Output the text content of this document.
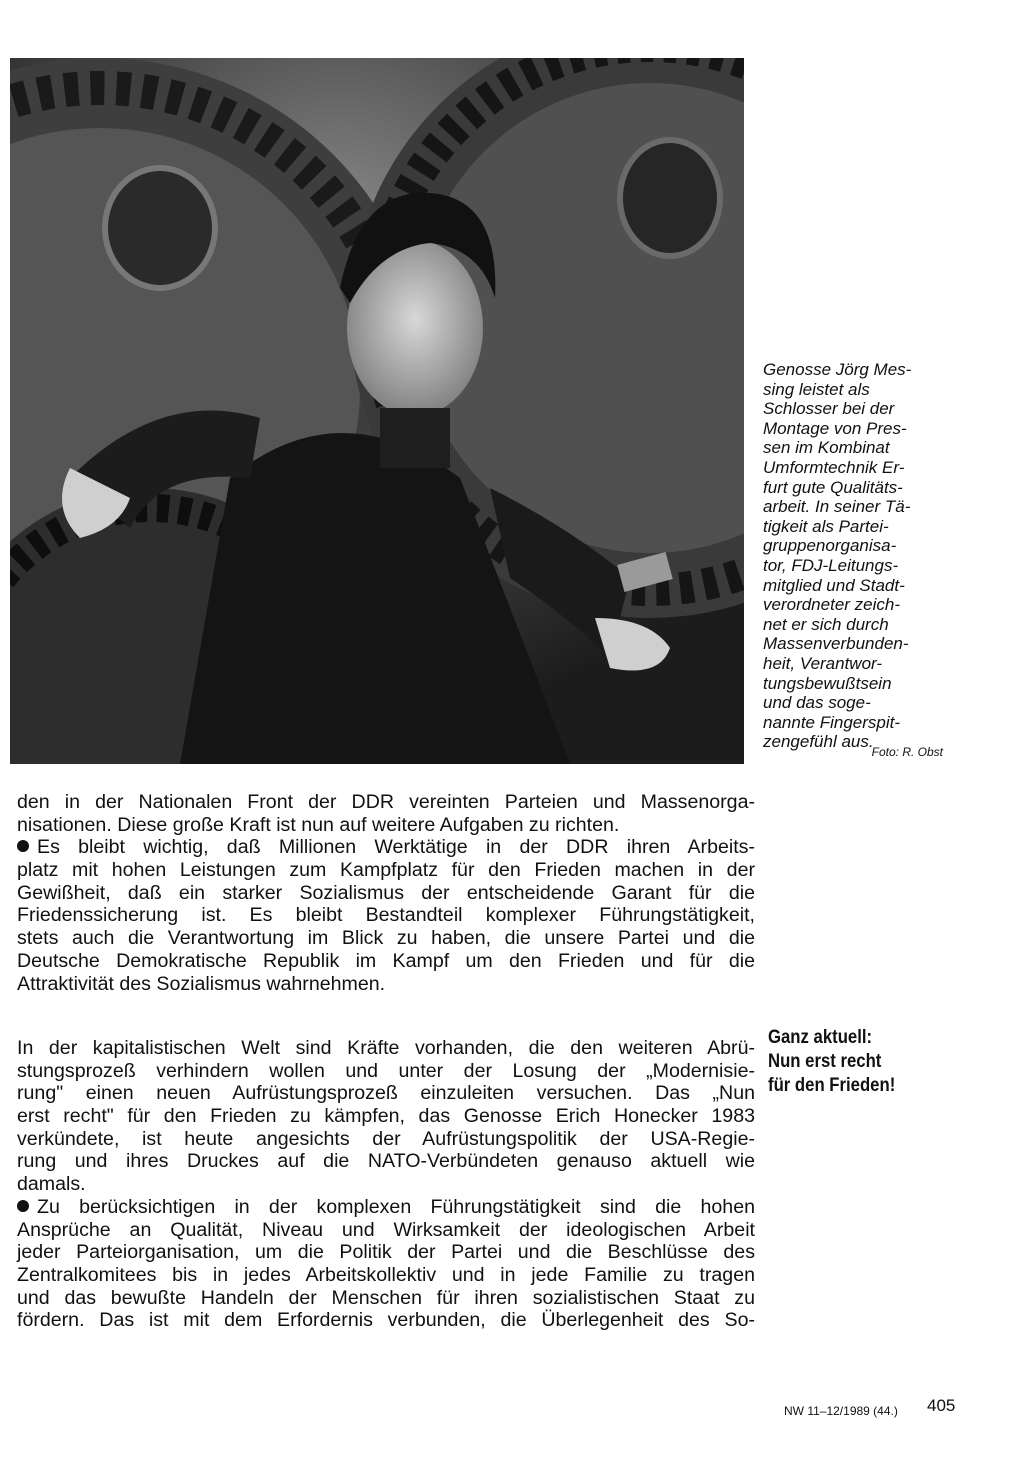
Genosse Jörg Mes-
sing leistet als
Schlosser bei der
Montage von Pres-
sen im Kombinat
Umformtechnik Er-
furt gute Qualitäts-
arbeit. In seiner Tä-
tigkeit als Partei-
gruppenorganisa-
tor, FDJ-Leitungs-
mitglied und Stadt-
verordneter zeich-
net er sich durch
Massenverbunden-
heit, Verantwor-
tungsbewußtsein
und das soge-
nannte Fingerspit-
zengefühl aus.
Foto: R. Obst
den in der Nationalen Front der DDR vereinten Parteien und Massenorga-
nisationen. Diese große Kraft ist nun auf weitere Aufgaben zu richten.
Es bleibt wichtig, daß Millionen Werktätige in der DDR ihren Arbeits-
platz mit hohen Leistungen zum Kampfplatz für den Frieden machen in der
Gewißheit, daß ein starker Sozialismus der entscheidende Garant für die
Friedenssicherung ist. Es bleibt Bestandteil komplexer Führungstätigkeit,
stets auch die Verantwortung im Blick zu haben, die unsere Partei und die
Deutsche Demokratische Republik im Kampf um den Frieden und für die
Attraktivität des Sozialismus wahrnehmen.
In der kapitalistischen Welt sind Kräfte vorhanden, die den weiteren Abrü-
stungsprozeß verhindern wollen und unter der Losung der „Modernisie-
rung" einen neuen Aufrüstungsprozeß einzuleiten versuchen. Das „Nun
erst recht" für den Frieden zu kämpfen, das Genosse Erich Honecker 1983
verkündete, ist heute angesichts der Aufrüstungspolitik der USA-Regie-
rung und ihres Druckes auf die NATO-Verbündeten genauso aktuell wie
damals.
Zu berücksichtigen in der komplexen Führungstätigkeit sind die hohen
Ansprüche an Qualität, Niveau und Wirksamkeit der ideologischen Arbeit
jeder Parteiorganisation, um die Politik der Partei und die Beschlüsse des
Zentralkomitees bis in jedes Arbeitskollektiv und in jede Familie zu tragen
und das bewußte Handeln der Menschen für ihren sozialistischen Staat zu
fördern. Das ist mit dem Erfordernis verbunden, die Überlegenheit des So-
Ganz aktuell:
Nun erst recht
für den Frieden!
NW 11–12/1989 (44.) 405
